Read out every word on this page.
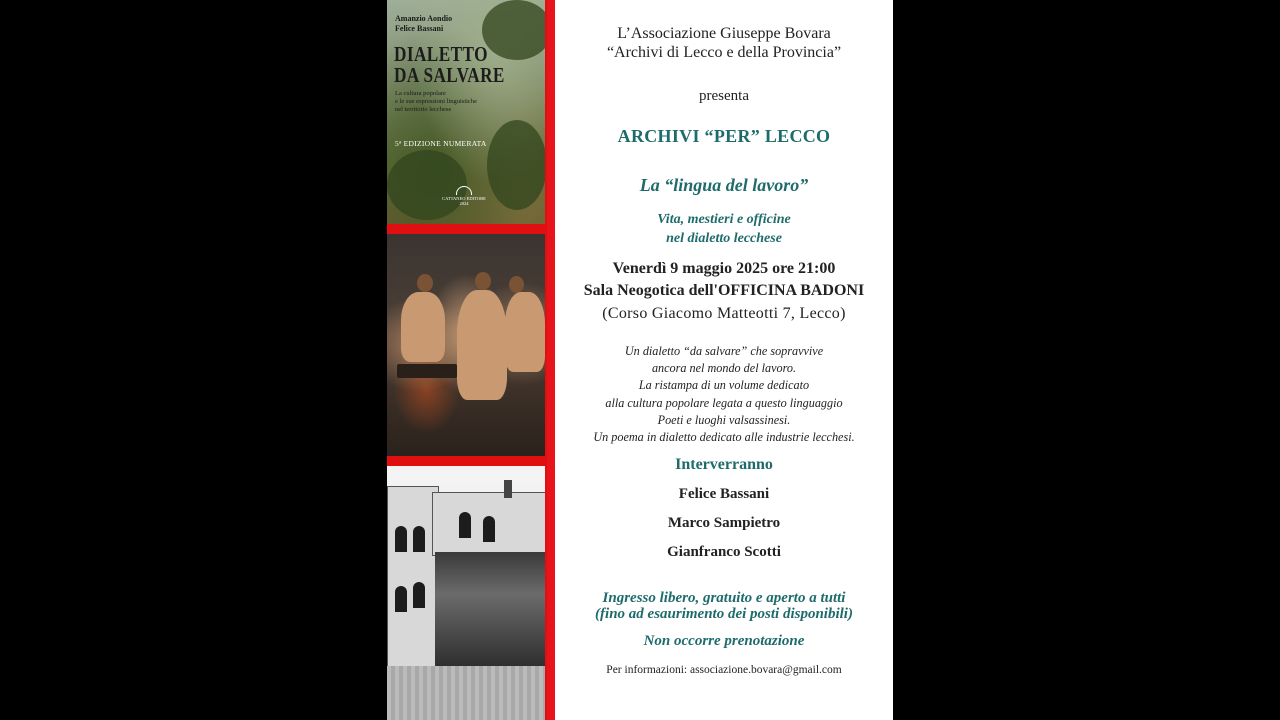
Amanzio Aondio
Felice Bassani
DIALETTO
DA SALVARE
La cultura popolare
e le sue espressioni linguistiche
nel territorio lecchese
5ª EDIZIONE NUMERATA
CATTANEO EDITORE
2024
L’Associazione Giuseppe Bovara
“Archivi di Lecco e della Provincia”
presenta
ARCHIVI “PER” LECCO
La “lingua del lavoro”
Vita, mestieri e officine
nel dialetto lecchese
Venerdì 9 maggio 2025 ore 21:00
Sala Neogotica dell'OFFICINA BADONI
(Corso Giacomo Matteotti 7, Lecco)
Un dialetto “da salvare” che sopravvive
ancora nel mondo del lavoro.
La ristampa di un volume dedicato
alla cultura popolare legata a questo linguaggio
Poeti e luoghi valsassinesi.
Un poema in dialetto dedicato alle industrie lecchesi.
Interverranno
Felice Bassani
Marco Sampietro
Gianfranco Scotti
Ingresso libero, gratuito e aperto a tutti
(fino ad esaurimento dei posti disponibili)
Non occorre prenotazione
Per informazioni: associazione.bovara@gmail.com
